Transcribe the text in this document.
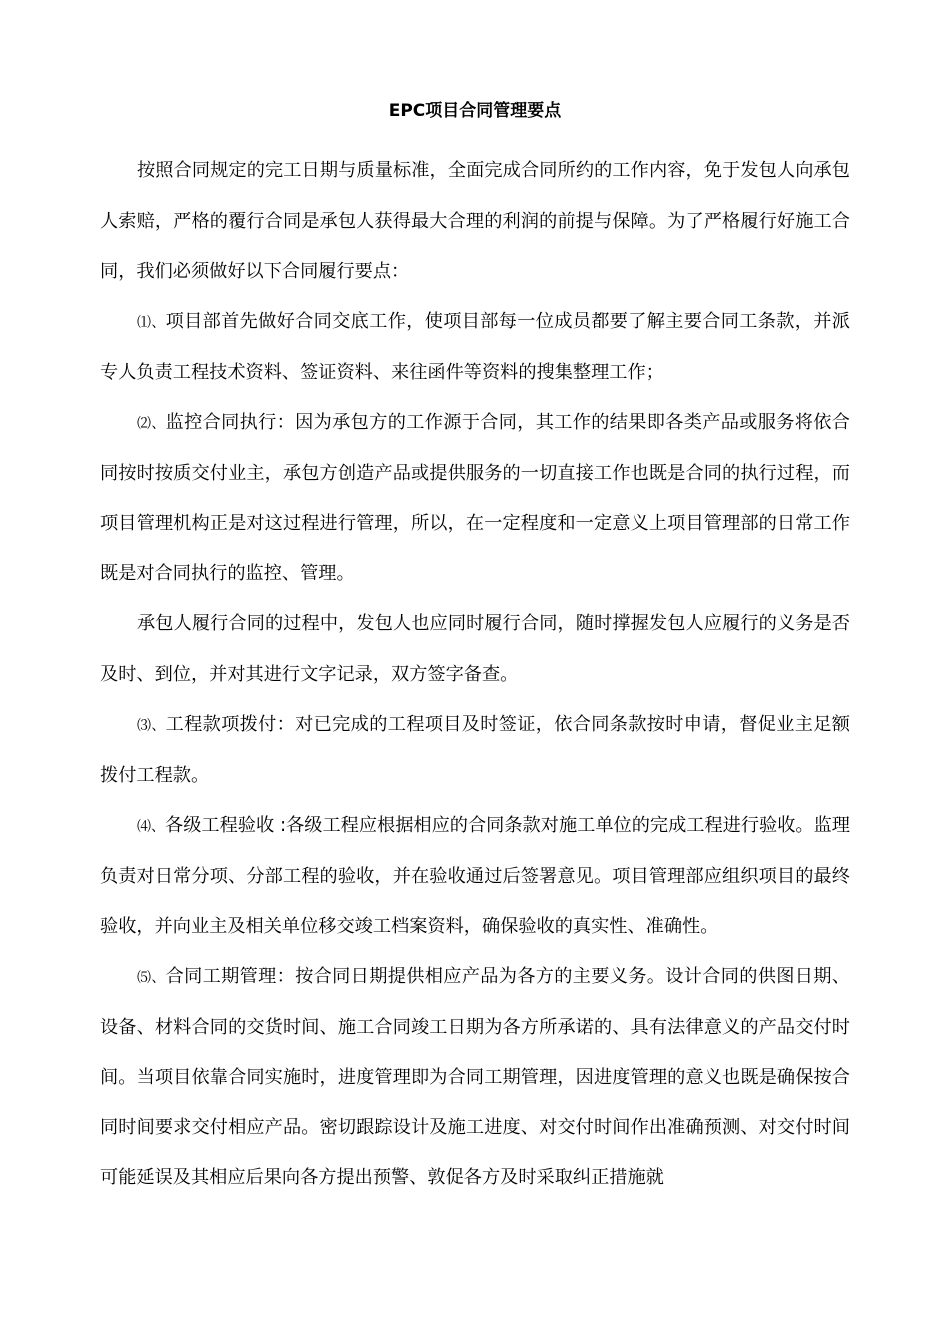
EPC项目合同管理要点

按照合同规定的完工日期与质量标准，全面完成合同所约的工作内容，免于发包人向承包人索赔，严格的覆行合同是承包人获得最大合理的利润的前提与保障。为了严格履行好施工合同，我们必须做好以下合同履行要点：

⑴、项目部首先做好合同交底工作，使项目部每一位成员都要了解主要合同工条款，并派专人负责工程技术资料、签证资料、来往函件等资料的搜集整理工作；

⑵、监控合同执行：因为承包方的工作源于合同，其工作的结果即各类产品或服务将依合同按时按质交付业主，承包方创造产品或提供服务的一切直接工作也既是合同的执行过程，而项目管理机构正是对这过程进行管理，所以，在一定程度和一定意义上项目管理部的日常工作既是对合同执行的监控、管理。

承包人履行合同的过程中，发包人也应同时履行合同，随时撑握发包人应履行的义务是否及时、到位，并对其进行文字记录，双方签字备查。

⑶、工程款项拨付：对已完成的工程项目及时签证，依合同条款按时申请，督促业主足额拨付工程款。

⑷、各级工程验收 :各级工程应根据相应的合同条款对施工单位的完成工程进行验收。监理负责对日常分项、分部工程的验收，并在验收通过后签署意见。项目管理部应组织项目的最终验收，并向业主及相关单位移交竣工档案资料，确保验收的真实性、准确性。

⑸、合同工期管理：按合同日期提供相应产品为各方的主要义务。设计合同的供图日期、设备、材料合同的交货时间、施工合同竣工日期为各方所承诺的、具有法律意义的产品交付时间。当项目依靠合同实施时，进度管理即为合同工期管理，因进度管理的意义也既是确保按合同时间要求交付相应产品。密切跟踪设计及施工进度、对交付时间作出准确预测、对交付时间可能延误及其相应后果向各方提出预警、敦促各方及时采取纠正措施就
